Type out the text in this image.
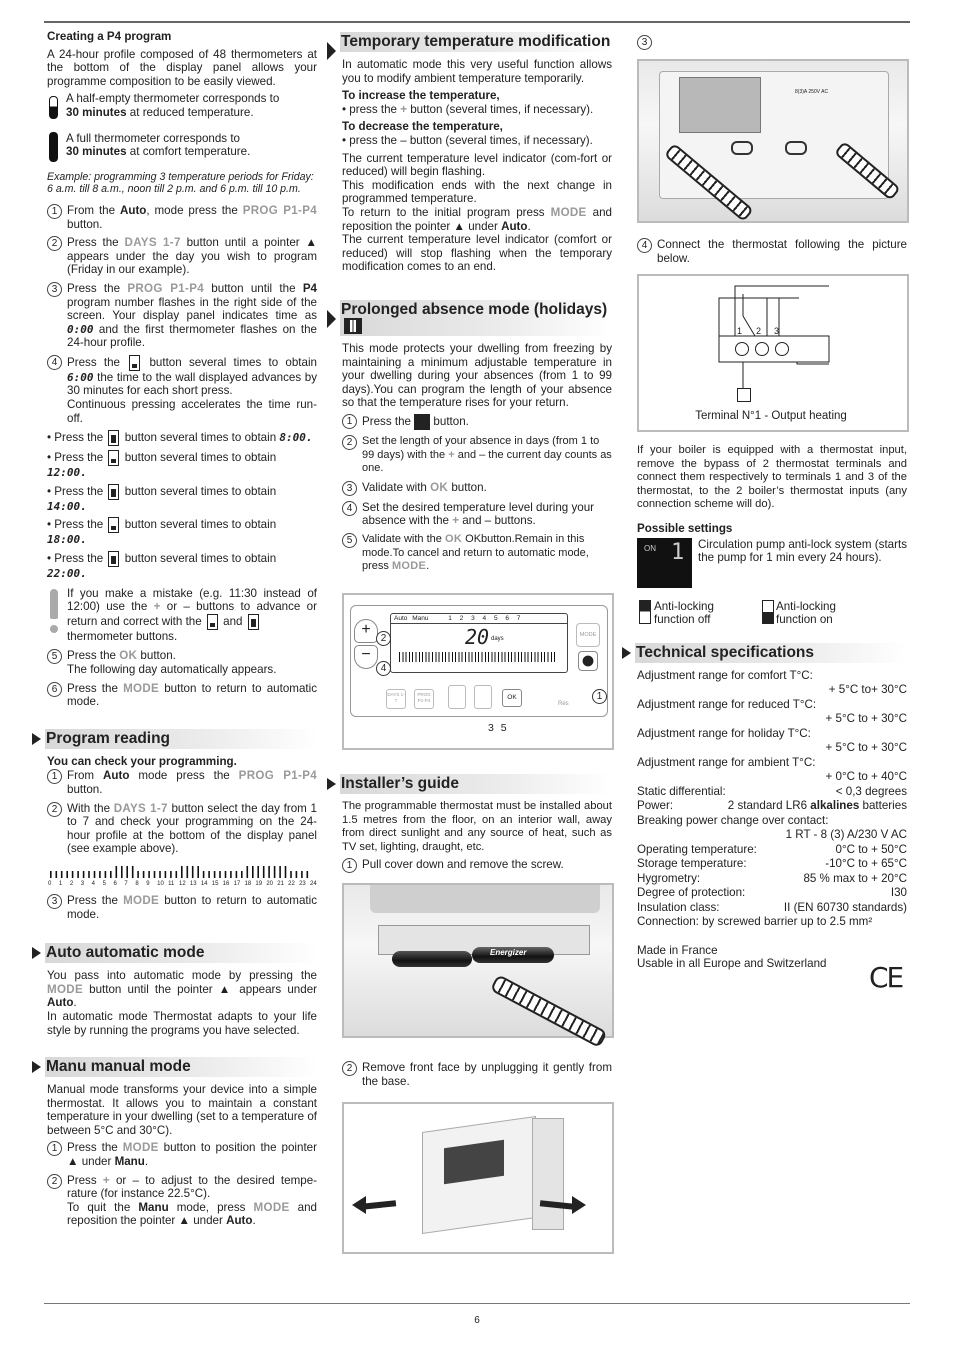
6
Creating a P4 program

A 24-hour profile composed of 48 thermometers at the bottom of the display panel allows your programme composition to be easily viewed.

A half-empty thermometer corresponds to
30 minutes at reduced temperature.
A full thermometer corresponds to
30 minutes at comfort temperature.

Example: programming 3 temperature periods for Friday: 6 a.m. till 8 a.m., noon till 2 p.m. and 6 p.m. till 10 p.m.

1 From the Auto, mode press the PROG P1-P4 button.
2 Press the DAYS 1-7 button until a pointer ▲ appears under the day you wish to program (Friday in our example).
3 Press the PROG P1-P4 button until the P4 program number flashes in the right side of the screen. Your display panel indicates time as 0:00 and the first thermometer flashes on the 24-hour profile.
4 Press the  button several times to obtain 6:00 the time to the wall displayed advances by 30 minutes for each short press.
Continuous pressing accelerates the time run-off.
• Press the  button several times to obtain 8:00.
• Press the  button several times to obtain 12:00.
• Press the  button several times to obtain 14:00.
• Press the  button several times to obtain 18:00.
• Press the  button several times to obtain 22:00.
If you make a mistake (e.g. 11:30 instead of 12:00) use the + or – buttons to advance or return and correct with the  and
thermometer buttons.
5 Press the OK button.
The following day automatically appears.
6 Press the MODE button to return to automatic mode.
Program reading
You can check your programming.
1 From Auto mode press the PROG P1-P4 button.
2 With the DAYS 1-7 button select the day from 1 to 7 and check your programming on the 24-hour profile at the bottom of the display panel (see example above).
0 1 2 3 4 5 6 7 8 9 10 11 12 13 14 15 16 17 18 19 20 21 22 23 24
3 Press the MODE button to return to automatic mode.
Auto automatic mode

You pass into automatic mode by pressing the MODE button until the pointer ▲ appears under Auto.

In automatic mode Thermostat adapts to your life style by running the programs you have selected.

Manu manual mode

Manual mode transforms your device into a simple thermostat. It allows you to maintain a constant temperature in your dwelling (set to a temperature of between 5°C and 30°C).

1 Press the MODE button to position the pointer ▲ under Manu.
2 Press + or – to adjust to the desired tempe-rature (for instance 22.5°C).
To quit the Manu mode, press MODE and reposition the pointer ▲ under Auto.
Temporary temperature modification

In automatic mode this very useful function allows you to modify ambient temperature temporarily.

To increase the temperature,

• press the + button (several times, if necessary).

To decrease the temperature,

• press the – button (several times, if necessary).

The current temperature level indicator (com-fort or reduced) will begin flashing.

This modification ends with the next change in programmed temperature.

To return to the initial program press MODE and reposition the pointer ▲ under Auto.

The current temperature level indicator (comfort or reduced) will stop flashing when the temporary modification comes to an end.

Prolonged absence mode (holidays)

This mode protects your dwelling from freezing by maintaining a minimum adjustable temperature in your dwelling during your absences (from 1 to 99 days).You can program the length of your absence so that the temperature rises for your return.

1 Press the  button.
2 Set the length of your absence in days (from 1 to 99 days) with the + and – the current day counts as one.
3 Validate with OK button.
4 Set the desired temperature level during your absence with the + and – buttons.
5 Validate with the OK OKbutton.Remain in this mode.To cancel and return to automatic mode, press MODE.
Auto Manu	1 2 3 4 5 6 7
20 days
+
−
2
4
MODE
1
DAYS 1-7
PROG P1-P4	OK
Res
3 5
Installer’s guide

The programmable thermostat must be installed about 1.5 metres from the floor, on an interior wall, away from direct sunlight and any source of heat, such as TV set, lighting, draught, etc.

1 Pull cover down and remove the screw.
Energizer
2 Remove front face by unplugging it gently from the base.
3
8(3)A 250V AC
4 Connect the thermostat following the picture below.
1 2 3
Terminal N°1 - Output heating

If your boiler is equipped with a thermostat input, remove the bypass of 2 thermostat terminals and connect them respectively to terminals 1 and 3 of the thermostat, to the 2 boiler’s thermostat inputs (any connection scheme will do).

Possible settings
ON 1 Circulation pump anti-lock system (starts the pump for 1 min every 24 hours).

Anti-locking
function off
Anti-locking
function on
Technical specifications
Adjustment range for comfort T°C:
+ 5°C to+ 30°C
Adjustment range for reduced T°C:
+ 5°C to + 30°C
Adjustment range for holiday T°C:
+ 5°C to + 30°C
Adjustment range for ambient T°C:
+ 0°C to + 40°C
Static differential:	< 0,3 degrees
Power:	2 standard LR6 alkalines batteries
Breaking power change over contact:
1 RT - 8 (3) A/230 V AC
Operating temperature:	0°C to + 50°C
Storage temperature:	-10°C to + 65°C
Hygrometry:	85 % max to + 20°C
Degree of protection:	I30
Insulation class:	II (EN 60730 standards)
Connection: by screwed barrier up to 2.5 mm²
Made in France
Usable in all Europe and Switzerland	CE
